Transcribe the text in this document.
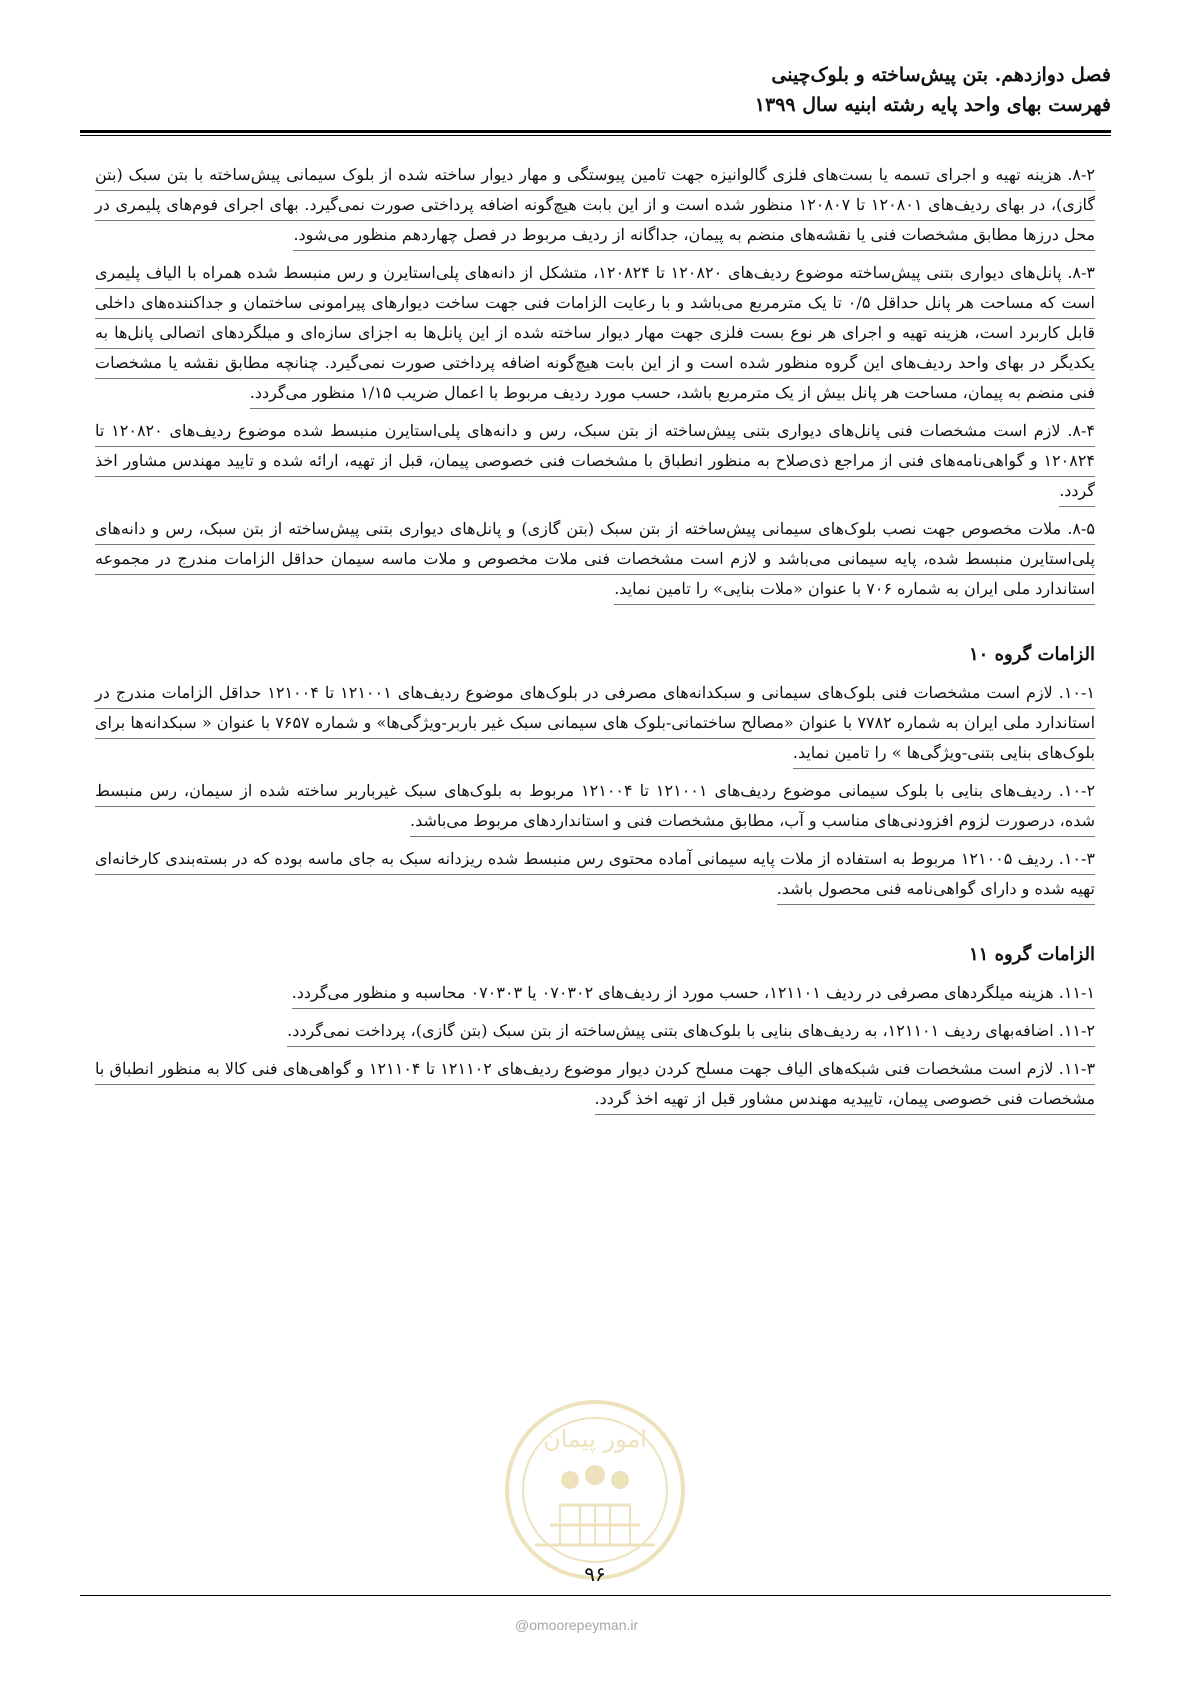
فصل دوازدهم. بتن پیش‌ساخته و بلوک‌چینی
فهرست بهای واحد پایه رشته ابنیه سال ۱۳۹۹

۸-۲. هزینه تهیه و اجرای تسمه یا بست‌های فلزی گالوانیزه جهت تامین پیوستگی و مهار دیوار ساخته شده از بلوک سیمانی پیش‌ساخته با بتن سبک (بتن گازی)، در بهای ردیف‌های ۱۲۰۸۰۱ تا ۱۲۰۸۰۷ منظور شده است و از این بابت هیچ‌گونه اضافه پرداختی صورت نمی‌گیرد. بهای اجرای فوم‌های پلیمری در محل درزها مطابق مشخصات فنی یا نقشه‌های منضم به پیمان، جداگانه از ردیف مربوط در فصل چهاردهم منظور می‌شود.

۸-۳. پانل‌های دیواری بتنی پیش‌ساخته موضوع ردیف‌های ۱۲۰۸۲۰ تا ۱۲۰۸۲۴، متشکل از دانه‌های پلی‌استایرن و رس منبسط شده همراه با الیاف پلیمری است که مساحت هر پانل حداقل ۰/۵ تا یک مترمربع می‌باشد و با رعایت الزامات فنی جهت ساخت دیوارهای پیرامونی ساختمان و جداکننده‌های داخلی قابل کاربرد است، هزینه تهیه و اجرای هر نوع بست فلزی جهت مهار دیوار ساخته شده از این پانل‌ها به اجزای سازه‌ای و میلگردهای اتصالی پانل‌ها به یکدیگر در بهای واحد ردیف‌های این گروه منظور شده است و از این بابت هیچ‌گونه اضافه پرداختی صورت نمی‌گیرد. چنانچه مطابق نقشه یا مشخصات فنی منضم به پیمان، مساحت هر پانل بیش از یک مترمربع باشد، حسب مورد ردیف مربوط با اعمال ضریب ۱/۱۵ منظور می‌گردد.

۸-۴. لازم است مشخصات فنی پانل‌های دیواری بتنی پیش‌ساخته از بتن سبک، رس و دانه‌های پلی‌استایرن منبسط شده موضوع ردیف‌های ۱۲۰۸۲۰ تا ۱۲۰۸۲۴ و گواهی‌نامه‌های فنی از مراجع ذی‌صلاح به منظور انطباق با مشخصات فنی خصوصی پیمان، قبل از تهیه، ارائه شده و تایید مهندس مشاور اخذ گردد.

۸-۵. ملات مخصوص جهت نصب بلوک‌های سیمانی پیش‌ساخته از بتن سبک (بتن گازی) و پانل‌های دیواری بتنی پیش‌ساخته از بتن سبک، رس و دانه‌های پلی‌استایرن منبسط شده، پایه سیمانی می‌باشد و لازم است مشخصات فنی ملات مخصوص و ملات ماسه سیمان حداقل الزامات مندرج در مجموعه استاندارد ملی ایران به شماره ۷۰۶ با عنوان «ملات بنایی» را تامین نماید.

الزامات گروه ۱۰

۱۰-۱. لازم است مشخصات فنی بلوک‌های سیمانی و سبکدانه‌های مصرفی در بلوک‌های موضوع ردیف‌های ۱۲۱۰۰۱ تا ۱۲۱۰۰۴ حداقل الزامات مندرج در استاندارد ملی ایران به شماره ۷۷۸۲ با عنوان «مصالح ساختمانی-بلوک های سیمانی سبک غیر باربر-ویژگی‌ها» و شماره ۷۶۵۷ با عنوان « سبکدانه‌ها برای بلوک‌های بنایی بتنی-ویژگی‌ها » را تامین نماید.

۱۰-۲. ردیف‌های بنایی با بلوک سیمانی موضوع ردیف‌های ۱۲۱۰۰۱ تا ۱۲۱۰۰۴ مربوط به بلوک‌های سبک غیرباربر ساخته شده از سیمان، رس منبسط شده، درصورت لزوم افزودنی‌های مناسب و آب، مطابق مشخصات فنی و استانداردهای مربوط می‌باشد.

۱۰-۳. ردیف ۱۲۱۰۰۵ مربوط به استفاده از ملات پایه سیمانی آماده محتوی رس منبسط شده ریزدانه سبک به جای ماسه بوده که در بسته‌بندی کارخانه‌ای تهیه شده و دارای گواهی‌نامه فنی محصول باشد.

الزامات گروه ۱۱

۱۱-۱. هزینه میلگردهای مصرفی در ردیف ۱۲۱۱۰۱، حسب مورد از ردیف‌های ۰۷۰۳۰۲ یا ۰۷۰۳۰۳ محاسبه و منظور می‌گردد.

۱۱-۲. اضافه‌بهای ردیف ۱۲۱۱۰۱، به ردیف‌های بنایی با بلوک‌های بتنی پیش‌ساخته از بتن سبک (بتن گازی)، پرداخت نمی‌گردد.

۱۱-۳. لازم است مشخصات فنی شبکه‌های الیاف جهت مسلح کردن دیوار موضوع ردیف‌های ۱۲۱۱۰۲ تا ۱۲۱۱۰۴ و گواهی‌های فنی کالا به منظور انطباق با مشخصات فنی خصوصی پیمان، تاییدیه مهندس مشاور قبل از تهیه اخذ گردد.

امور پیمان
۹۶
@omoorepeyman.ir
